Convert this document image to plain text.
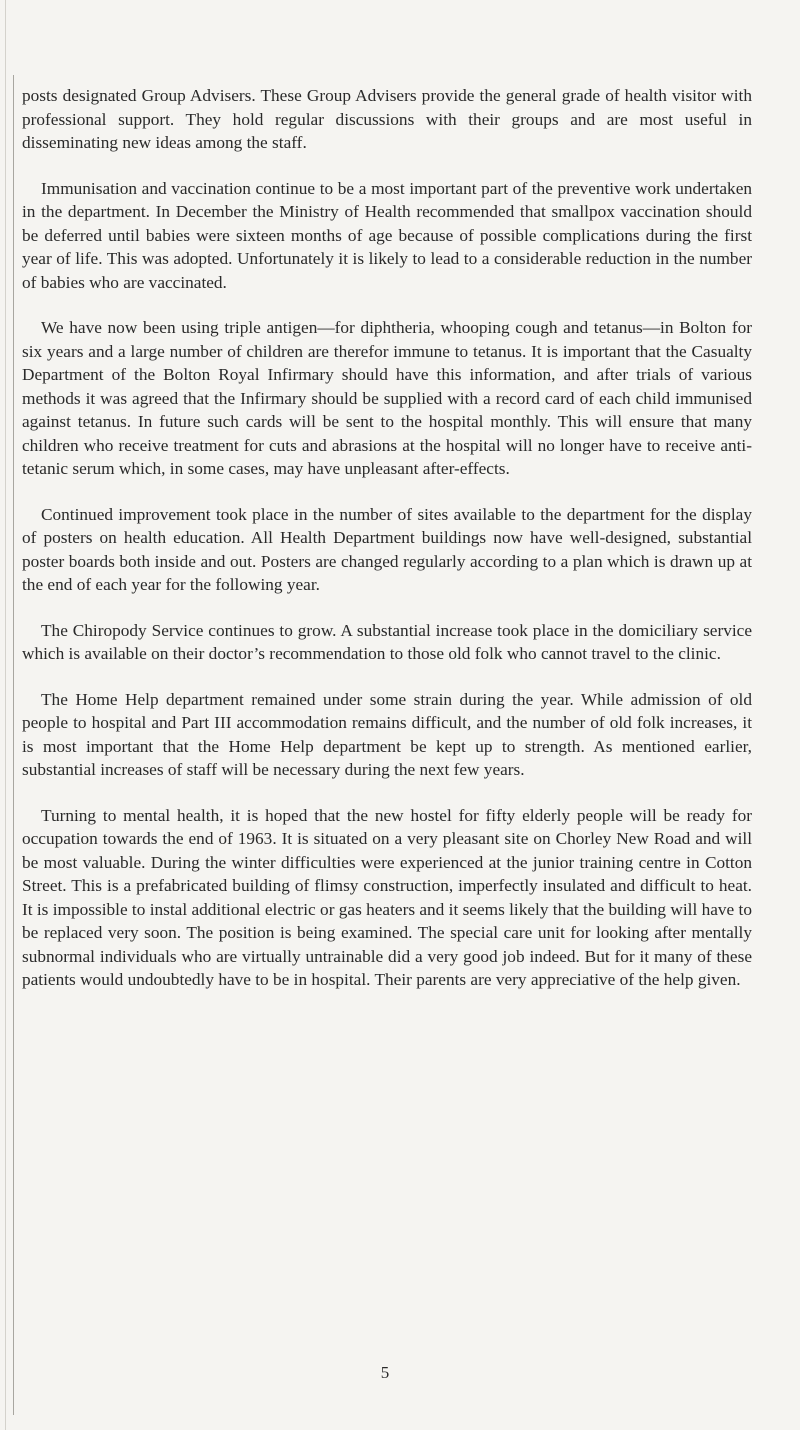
posts designated Group Advisers. These Group Advisers provide the general grade of health visitor with professional support. They hold regular discussions with their groups and are most useful in disseminating new ideas among the staff.

Immunisation and vaccination continue to be a most important part of the preventive work undertaken in the department. In December the Ministry of Health recommended that smallpox vaccination should be deferred until babies were sixteen months of age because of possible complications during the first year of life. This was adopted. Unfortunately it is likely to lead to a considerable reduction in the number of babies who are vaccinated.

We have now been using triple antigen—for diphtheria, whooping cough and tetanus—in Bolton for six years and a large number of children are therefor immune to tetanus. It is important that the Casualty Department of the Bolton Royal Infirmary should have this information, and after trials of various methods it was agreed that the Infirmary should be supplied with a record card of each child immunised against tetanus. In future such cards will be sent to the hospital monthly. This will ensure that many children who receive treatment for cuts and abrasions at the hospital will no longer have to receive anti-tetanic serum which, in some cases, may have unpleasant after-effects.

Continued improvement took place in the number of sites available to the department for the display of posters on health education. All Health Department buildings now have well-designed, substantial poster boards both inside and out. Posters are changed regularly according to a plan which is drawn up at the end of each year for the following year.

The Chiropody Service continues to grow. A substantial increase took place in the domiciliary service which is available on their doctor’s recommendation to those old folk who cannot travel to the clinic.

The Home Help department remained under some strain during the year. While admission of old people to hospital and Part III accommodation remains difficult, and the number of old folk increases, it is most important that the Home Help department be kept up to strength. As mentioned earlier, substantial increases of staff will be necessary during the next few years.

Turning to mental health, it is hoped that the new hostel for fifty elderly people will be ready for occupation towards the end of 1963. It is situated on a very pleasant site on Chorley New Road and will be most valuable. During the winter difficulties were experienced at the junior training centre in Cotton Street. This is a prefabricated building of flimsy construction, imperfectly insulated and difficult to heat. It is impossible to instal additional electric or gas heaters and it seems likely that the building will have to be replaced very soon. The position is being examined. The special care unit for looking after mentally subnormal individuals who are virtually untrainable did a very good job indeed. But for it many of these patients would undoubtedly have to be in hospital. Their parents are very appreciative of the help given.

5
